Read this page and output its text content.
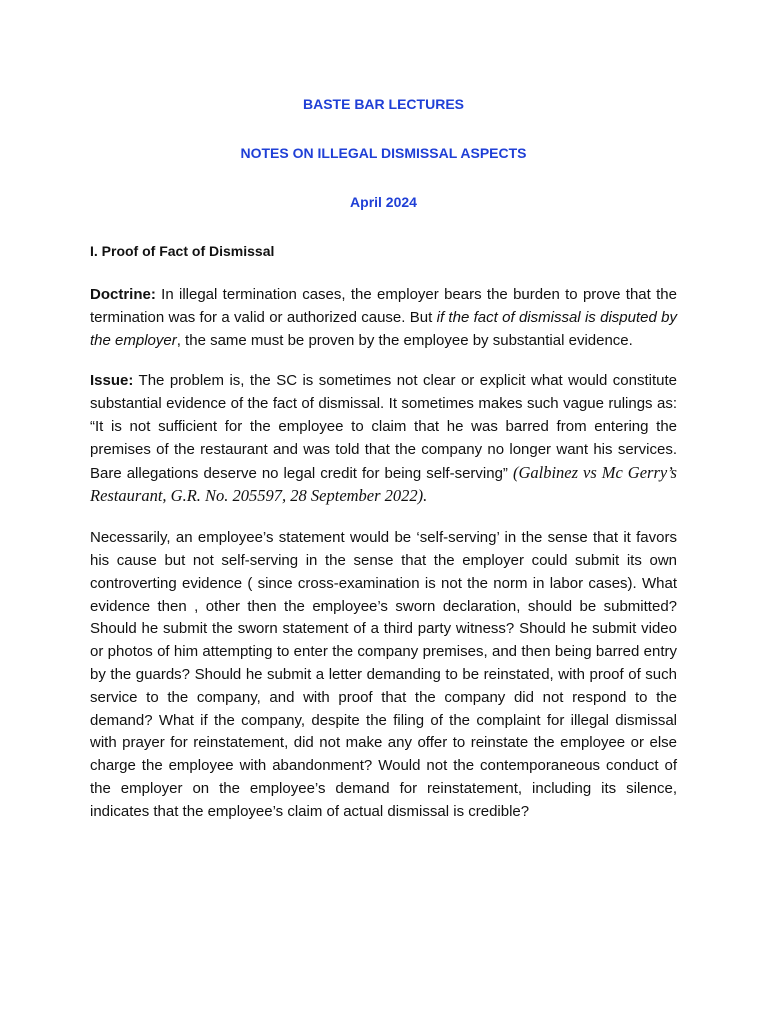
BASTE BAR LECTURES
NOTES ON ILLEGAL DISMISSAL ASPECTS
April 2024
I. Proof of Fact of Dismissal

Doctrine: In illegal termination cases, the employer bears the burden to prove that the termination was for a valid or authorized cause. But if the fact of dismissal is disputed by the employer, the same must be proven by the employee by substantial evidence.

Issue: The problem is, the SC is sometimes not clear or explicit what would constitute substantial evidence of the fact of dismissal. It sometimes makes such vague rulings as: “It is not sufficient for the employee to claim that he was barred from entering the premises of the restaurant and was told that the company no longer want his services. Bare allegations deserve no legal credit for being self-serving” (Galbinez vs Mc Gerry’s Restaurant, G.R. No. 205597, 28 September 2022).

Necessarily, an employee’s statement would be ‘self-serving’ in the sense that it favors his cause but not self-serving in the sense that the employer could submit its own controverting evidence ( since cross-examination is not the norm in labor cases). What evidence then , other then the employee’s sworn declaration, should be submitted? Should he submit the sworn statement of a third party witness? Should he submit video or photos of him attempting to enter the company premises, and then being barred entry by the guards? Should he submit a letter demanding to be reinstated, with proof of such service to the company, and with proof that the company did not respond to the demand? What if the company, despite the filing of the complaint for illegal dismissal with prayer for reinstatement, did not make any offer to reinstate the employee or else charge the employee with abandonment? Would not the contemporaneous conduct of the employer on the employee’s demand for reinstatement, including its silence, indicates that the employee’s claim of actual dismissal is credible?
